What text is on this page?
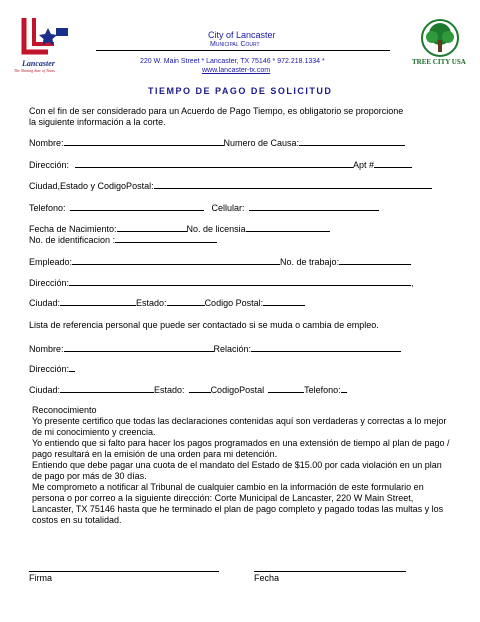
Lancaster
The Shining Star of Texas
City of Lancaster
Municipal Court
220 W. Main Street * Lancaster, TX 75146 * 972.218.1334 *
www.lancaster-tx.com
TREE CITY USA
TIEMPO DE PAGO DE SOLICITUD
Con el fin de ser considerado para un Acuerdo de Pago Tiempo, es obligatorio se proporcione la siguiente información a la corte.
Nombre:	Numero de Causa:
Dirección:	Apt #
Ciudad,Estado y CodigoPostal:
Telefono:	Cellular:
Fecha de Nacimiento:	No. de licensia
No. de identificacion :
Empleado:	No. de trabajo:
Dirección:	,
Ciudad:	Estado:	Codigo Postal:
Lista de referencia personal que puede ser contactado si se muda o cambia de empleo.
Nombre:	Relación:
Dirección:
Ciudad:	Estado:	CodigoPostal	Telefono:
Reconocimiento
Yo presente certifico que todas las declaraciones contenidas aquí son verdaderas y correctas a lo mejor de mi conocimiento y creencia.
Yo entiendo que si falto para hacer los pagos programados en una extensión de tiempo al plan de pago / pago resultará en la emisión de una orden para mi detención.
Entiendo que debe pagar una cuota de el mandato del Estado de $15.00 por cada violación en un plan de pago por más de 30 días.
Me comprometo a notificar al Tribunal de cualquier cambio en la información de este formulario en persona o por correo a la siguiente dirección: Corte Municipal de Lancaster, 220 W Main Street, Lancaster, TX 75146 hasta que he terminado el plan de pago completo y pagado todas las multas y los costos en su totalidad.
Firma	Fecha
